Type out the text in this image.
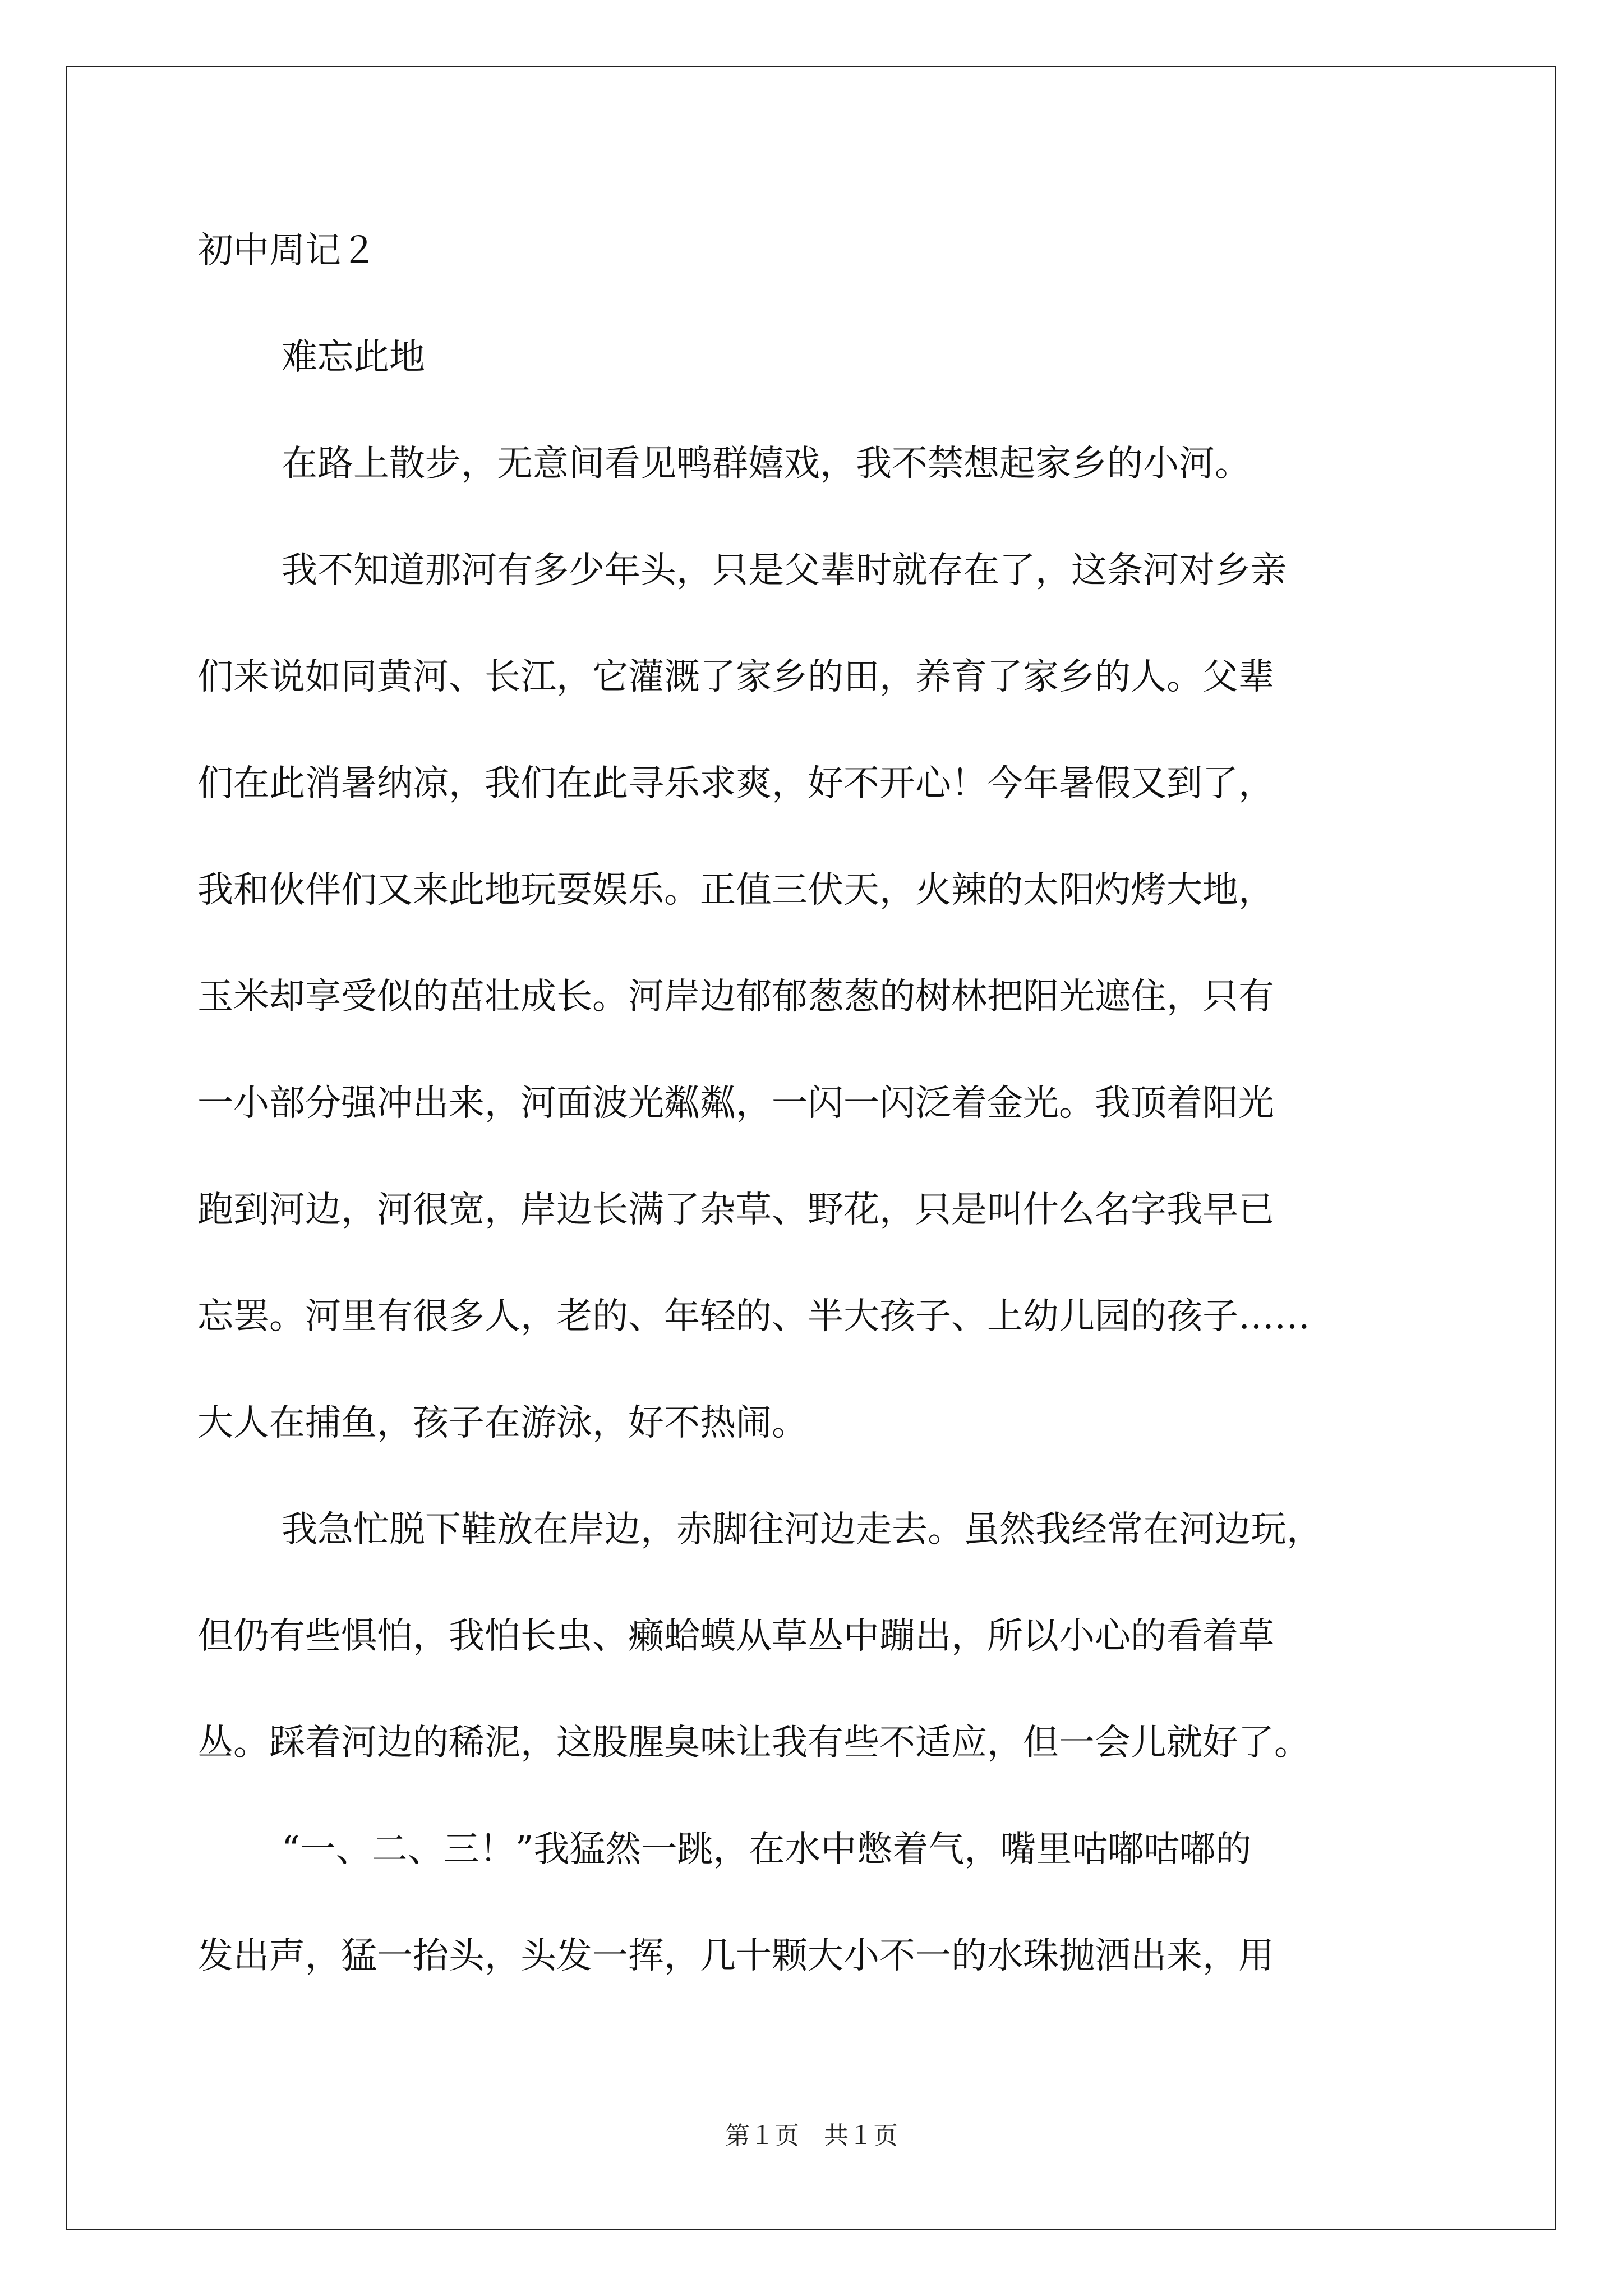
初中周记２
难忘此地
在路上散步，无意间看见鸭群嬉戏，我不禁想起家乡的小河。
我不知道那河有多少年头，只是父辈时就存在了，这条河对乡亲
们来说如同黄河、长江，它灌溉了家乡的田，养育了家乡的人。父辈
们在此消暑纳凉，我们在此寻乐求爽，好不开心！今年暑假又到了，
我和伙伴们又来此地玩耍娱乐。正值三伏天，火辣的太阳灼烤大地，
玉米却享受似的茁壮成长。河岸边郁郁葱葱的树林把阳光遮住，只有
一小部分强冲出来，河面波光粼粼，一闪一闪泛着金光。我顶着阳光
跑到河边，河很宽，岸边长满了杂草、野花，只是叫什么名字我早已
忘罢。河里有很多人，老的、年轻的、半大孩子、上幼儿园的孩子……
大人在捕鱼，孩子在游泳，好不热闹。
我急忙脱下鞋放在岸边，赤脚往河边走去。虽然我经常在河边玩，
但仍有些惧怕，我怕长虫、癞蛤蟆从草丛中蹦出，所以小心的看着草
丛。踩着河边的稀泥，这股腥臭味让我有些不适应，但一会儿就好了。
“一、二、三！”我猛然一跳，在水中憋着气，嘴里咕嘟咕嘟的
发出声，猛一抬头，头发一挥，几十颗大小不一的水珠抛洒出来，用
第１页　共１页
